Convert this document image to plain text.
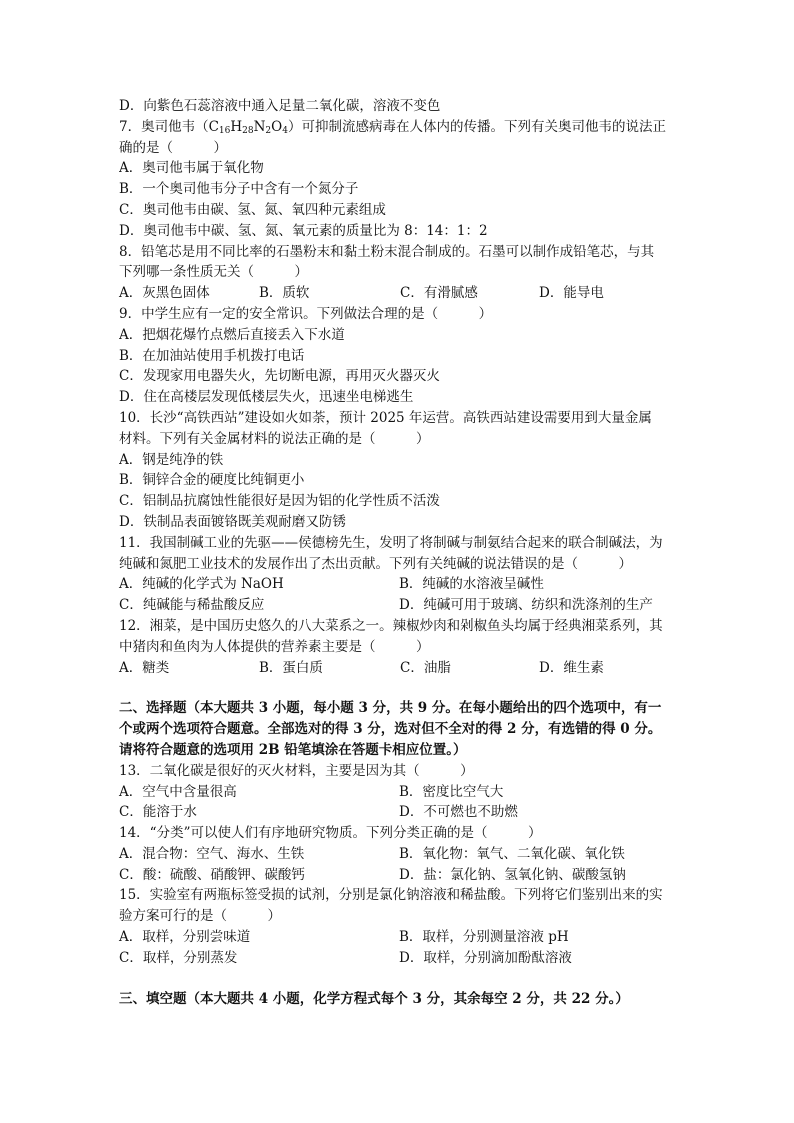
D．向紫色石蕊溶液中通入足量二氧化碳，溶液不变色
7．奥司他韦$(C_{16}H_{28}N_2O_4)$可抑制流感病毒在人体内的传播。下列有关奥司他韦的说法正
确的是（　　　）
A．奥司他韦属于氧化物
B．一个奥司他韦分子中含有一个氮分子
C．奥司他韦由碳、氢、氮、氧四种元素组成
D．奥司他韦中碳、氢、氮、氧元素的质量比为 8：14：1：2
8．铅笔芯是用不同比率的石墨粉末和黏土粉末混合制成的。石墨可以制作成铅笔芯，与其
下列哪一条性质无关（　　　）
A．灰黑色固体	B．质软	C．有滑腻感	D．能导电
9．中学生应有一定的安全常识。下列做法合理的是（　　　）
A．把烟花爆竹点燃后直接丢入下水道
B．在加油站使用手机拨打电话
C．发现家用电器失火，先切断电源，再用灭火器灭火
D．住在高楼层发现低楼层失火，迅速坐电梯逃生
10．长沙“高铁西站”建设如火如荼，预计 2025 年运营。高铁西站建设需要用到大量金属
材料。下列有关金属材料的说法正确的是（　　　）
A．钢是纯净的铁
B．铜锌合金的硬度比纯铜更小
C．铝制品抗腐蚀性能很好是因为铝的化学性质不活泼
D．铁制品表面镀铬既美观耐磨又防锈
11．我国制碱工业的先驱——侯德榜先生，发明了将制碱与制氨结合起来的联合制碱法，为
纯碱和氮肥工业技术的发展作出了杰出贡献。下列有关纯碱的说法错误的是（　　　）
A．纯碱的化学式为 NaOH	B．纯碱的水溶液呈碱性
C．纯碱能与稀盐酸反应	D．纯碱可用于玻璃、纺织和洗涤剂的生产
12．湘菜，是中国历史悠久的八大菜系之一。辣椒炒肉和剁椒鱼头均属于经典湘菜系列，其
中猪肉和鱼肉为人体提供的营养素主要是（　　　）
A．糖类	B．蛋白质	C．油脂	D．维生素
二、选择题（本大题共 3 小题，每小题 3 分，共 9 分。在每小题给出的四个选项中，有一
个或两个选项符合题意。全部选对的得 3 分，选对但不全对的得 2 分，有选错的得 0 分。
请将符合题意的选项用 2B 铅笔填涂在答题卡相应位置。）
13．二氧化碳是很好的灭火材料，主要是因为其（　　　）
A．空气中含量很高	B．密度比空气大
C．能溶于水	D．不可燃也不助燃
14．“分类”可以使人们有序地研究物质。下列分类正确的是（　　　）
A．混合物：空气、海水、生铁	B．氧化物：氧气、二氧化碳、氧化铁
C．酸：硫酸、硝酸钾、碳酸钙	D．盐：氯化钠、氢氧化钠、碳酸氢钠
15．实验室有两瓶标签受损的试剂，分别是氯化钠溶液和稀盐酸。下列将它们鉴别出来的实
验方案可行的是（　　　）
A．取样，分别尝味道	B．取样，分别测量溶液 pH
C．取样，分别蒸发	D．取样，分别滴加酚酞溶液
三、填空题（本大题共 4 小题，化学方程式每个 3 分，其余每空 2 分，共 22 分。）
